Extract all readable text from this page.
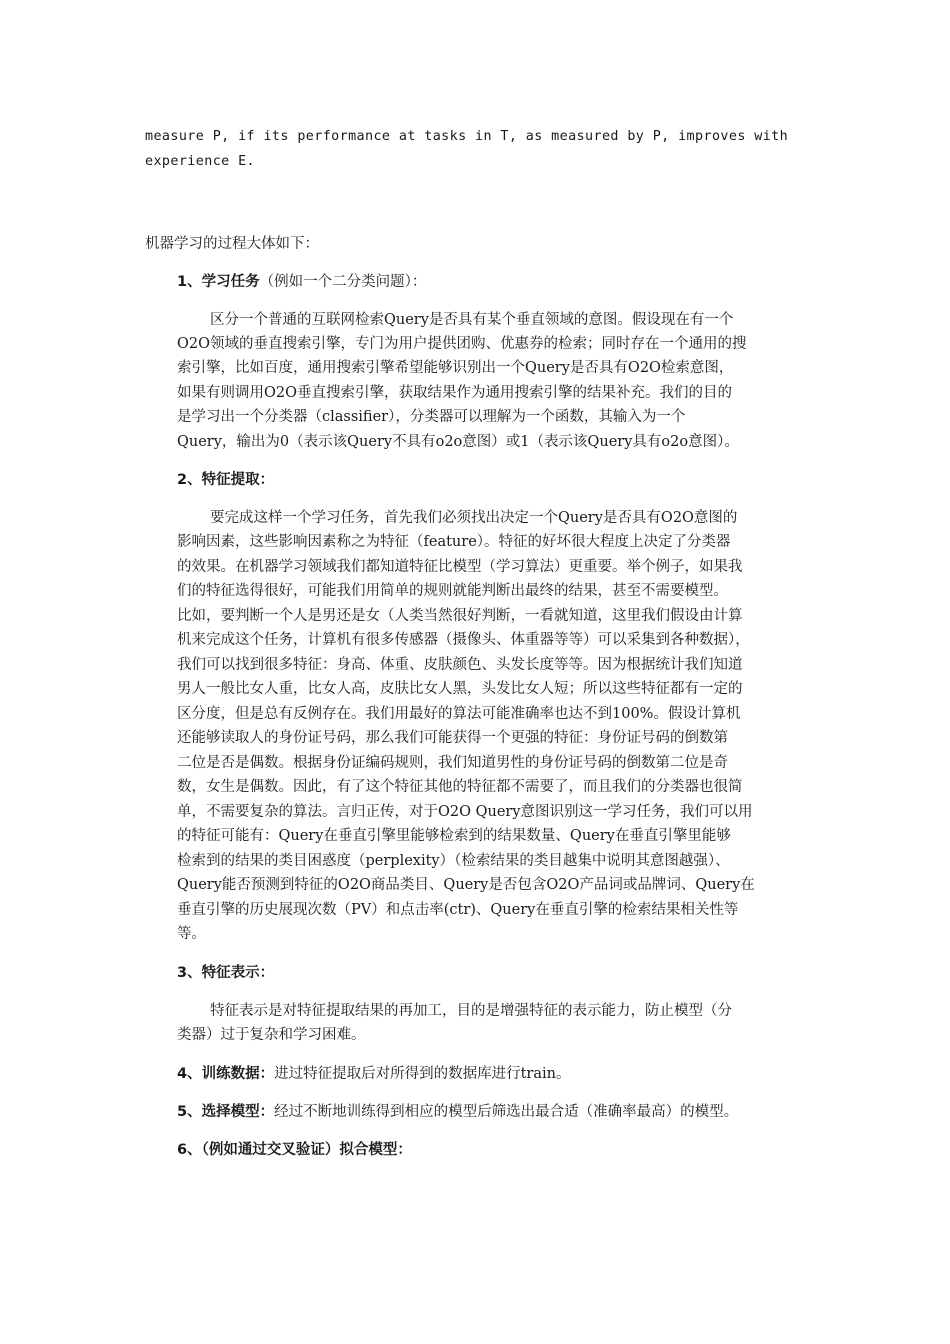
measure P, if its performance at tasks in T, as measured by P, improves with
experience E.
机器学习的过程大体如下：
1、学习任务（例如一个二分类问题）：
区分一个普通的互联网检索Query是否具有某个垂直领域的意图。假设现在有一个
O2O领域的垂直搜索引擎，专门为用户提供团购、优惠券的检索；同时存在一个通用的搜
索引擎，比如百度，通用搜索引擎希望能够识别出一个Query是否具有O2O检索意图，
如果有则调用O2O垂直搜索引擎，获取结果作为通用搜索引擎的结果补充。我们的目的
是学习出一个分类器（classifier），分类器可以理解为一个函数，其输入为一个
Query，输出为0（表示该Query不具有o2o意图）或1（表示该Query具有o2o意图）。
2、特征提取：
要完成这样一个学习任务，首先我们必须找出决定一个Query是否具有O2O意图的
影响因素，这些影响因素称之为特征（feature）。特征的好坏很大程度上决定了分类器
的效果。在机器学习领域我们都知道特征比模型（学习算法）更重要。举个例子，如果我
们的特征选得很好，可能我们用简单的规则就能判断出最终的结果，甚至不需要模型。
比如，要判断一个人是男还是女（人类当然很好判断，一看就知道，这里我们假设由计算
机来完成这个任务，计算机有很多传感器（摄像头、体重器等等）可以采集到各种数据），
我们可以找到很多特征：身高、体重、皮肤颜色、头发长度等等。因为根据统计我们知道
男人一般比女人重，比女人高，皮肤比女人黑，头发比女人短；所以这些特征都有一定的
区分度，但是总有反例存在。我们用最好的算法可能准确率也达不到100%。假设计算机
还能够读取人的身份证号码，那么我们可能获得一个更强的特征：身份证号码的倒数第
二位是否是偶数。根据身份证编码规则，我们知道男性的身份证号码的倒数第二位是奇
数，女生是偶数。因此，有了这个特征其他的特征都不需要了，而且我们的分类器也很简
单，不需要复杂的算法。言归正传，对于O2O Query意图识别这一学习任务，我们可以用
的特征可能有：Query在垂直引擎里能够检索到的结果数量、Query在垂直引擎里能够
检索到的结果的类目困惑度（perplexity）（检索结果的类目越集中说明其意图越强）、
Query能否预测到特征的O2O商品类目、Query是否包含O2O产品词或品牌词、Query在
垂直引擎的历史展现次数（PV）和点击率(ctr)、Query在垂直引擎的检索结果相关性等
等。
3、特征表示：
特征表示是对特征提取结果的再加工，目的是增强特征的表示能力，防止模型（分
类器）过于复杂和学习困难。
4、训练数据：进过特征提取后对所得到的数据库进行train。
5、选择模型：经过不断地训练得到相应的模型后筛选出最合适（准确率最高）的模型。
6、（例如通过交叉验证）拟合模型：
